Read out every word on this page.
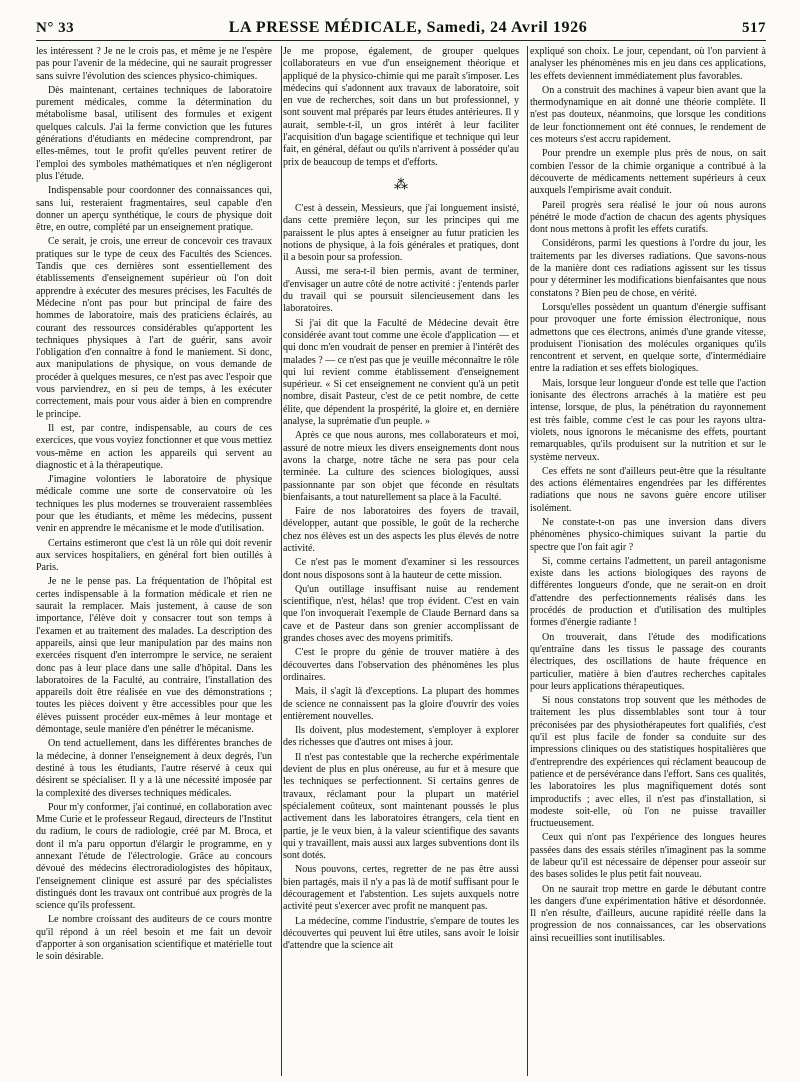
N° 33	LA PRESSE MÉDICALE, Samedi, 24 Avril 1926	517

les intéressent ? Je ne le crois pas, et même je ne l'espère pas pour l'avenir de la médecine, qui ne saurait progresser sans suivre l'évolution des sciences physico-chimiques.

Dès maintenant, certaines techniques de laboratoire purement médicales, comme la détermination du métabolisme basal, utilisent des formules et exigent quelques calculs. J'ai la ferme conviction que les futures générations d'étudiants en médecine comprendront, par elles-mêmes, tout le profit qu'elles peuvent retirer de l'emploi des symboles mathématiques et n'en négligeront plus l'étude.

Indispensable pour coordonner des connaissances qui, sans lui, resteraient fragmentaires, seul capable d'en donner un aperçu synthétique, le cours de physique doit être, en outre, complété par un enseignement pratique.

Ce serait, je crois, une erreur de concevoir ces travaux pratiques sur le type de ceux des Facultés des Sciences. Tandis que ces dernières sont essentiellement des établissements d'enseignement supérieur où l'on doit apprendre à exécuter des mesures précises, les Facultés de Médecine n'ont pas pour but principal de faire des hommes de laboratoire, mais des praticiens éclairés, au courant des ressources considérables qu'apportent les techniques physiques à l'art de guérir, sans avoir l'obligation d'en connaître à fond le maniement. Si donc, aux manipulations de physique, on vous demande de procéder à quelques mesures, ce n'est pas avec l'espoir que vous parviendrez, en si peu de temps, à les exécuter correctement, mais pour vous aider à bien en comprendre le principe.

Il est, par contre, indispensable, au cours de ces exercices, que vous voyiez fonctionner et que vous mettiez vous-même en action les appareils qui servent au diagnostic et à la thérapeutique.

J'imagine volontiers le laboratoire de physique médicale comme une sorte de conservatoire où les techniques les plus modernes se trouveraient rassemblées pour que les étudiants, et même les médecins, pussent venir en apprendre le mécanisme et le mode d'utilisation.

Certains estimeront que c'est là un rôle qui doit revenir aux services hospitaliers, en général fort bien outillés à Paris.

Je ne le pense pas. La fréquentation de l'hôpital est certes indispensable à la formation médicale et rien ne saurait la remplacer. Mais justement, à cause de son importance, l'élève doit y consacrer tout son temps à l'examen et au traitement des malades. La description des appareils, ainsi que leur manipulation par des mains non exercées risquent d'en interrompre le service, ne seraient donc pas à leur place dans une salle d'hôpital. Dans les laboratoires de la Faculté, au contraire, l'installation des appareils doit être réalisée en vue des démonstrations ; toutes les pièces doivent y être accessibles pour que les élèves puissent procéder eux-mêmes à leur montage et démontage, seule manière d'en pénétrer le mécanisme.

On tend actuellement, dans les différentes branches de la médecine, à donner l'enseignement à deux degrés, l'un destiné à tous les étudiants, l'autre réservé à ceux qui désirent se spécialiser. Il y a là une nécessité imposée par la complexité des diverses techniques médicales.

Pour m'y conformer, j'ai continué, en collaboration avec Mme Curie et le professeur Regaud, directeurs de l'Institut du radium, le cours de radiologie, créé par M. Broca, et dont il m'a paru opportun d'élargir le programme, en y annexant l'étude de l'électrologie. Grâce au concours dévoué des médecins électroradiologistes des hôpitaux, l'enseignement clinique est assuré par des spécialistes distingués dont les travaux ont contribué aux progrès de la science qu'ils professent.

Le nombre croissant des auditeurs de ce cours montre qu'il répond à un réel besoin et me fait un devoir d'apporter à son organisation scientifique et matérielle tout le soin désirable.

Je me propose, également, de grouper quelques collaborateurs en vue d'un enseignement théorique et appliqué de la physico-chimie qui me paraît s'imposer. Les médecins qui s'adonnent aux travaux de laboratoire, soit en vue de recherches, soit dans un but professionnel, y sont souvent mal préparés par leurs études antérieures. Il y aurait, semble-t-il, un gros intérêt à leur faciliter l'acquisition d'un bagage scientifique et technique qui leur fait, en général, défaut ou qu'ils n'arrivent à posséder qu'au prix de beaucoup de temps et d'efforts.

⁂

C'est à dessein, Messieurs, que j'ai longuement insisté, dans cette première leçon, sur les principes qui me paraissent le plus aptes à enseigner au futur praticien les notions de physique, à la fois générales et pratiques, dont il a besoin pour sa profession.

Aussi, me sera-t-il bien permis, avant de terminer, d'envisager un autre côté de notre activité : j'entends parler du travail qui se poursuit silencieusement dans les laboratoires.

Si j'ai dit que la Faculté de Médecine devait être considérée avant tout comme une école d'application — et qui donc m'en voudrait de penser en premier à l'intérêt des malades ? — ce n'est pas que je veuille méconnaître le rôle qui lui revient comme établissement d'enseignement supérieur. « Si cet enseignement ne convient qu'à un petit nombre, disait Pasteur, c'est de ce petit nombre, de cette élite, que dépendent la prospérité, la gloire et, en dernière analyse, la suprématie d'un peuple. »

Après ce que nous aurons, mes collaborateurs et moi, assuré de notre mieux les divers enseignements dont nous avons la charge, notre tâche ne sera pas pour cela terminée. La culture des sciences biologiques, aussi passionnante par son objet que féconde en résultats bienfaisants, a tout naturellement sa place à la Faculté.

Faire de nos laboratoires des foyers de travail, développer, autant que possible, le goût de la recherche chez nos élèves est un des aspects les plus élevés de notre activité.

Ce n'est pas le moment d'examiner si les ressources dont nous disposons sont à la hauteur de cette mission.

Qu'un outillage insuffisant nuise au rendement scientifique, n'est, hélas! que trop évident. C'est en vain que l'on invoquerait l'exemple de Claude Bernard dans sa cave et de Pasteur dans son grenier accomplissant de grandes choses avec des moyens primitifs.

C'est le propre du génie de trouver matière à des découvertes dans l'observation des phénomènes les plus ordinaires.

Mais, il s'agit là d'exceptions. La plupart des hommes de science ne connaissent pas la gloire d'ouvrir des voies entièrement nouvelles.

Ils doivent, plus modestement, s'employer à explorer des richesses que d'autres ont mises à jour.

Il n'est pas contestable que la recherche expérimentale devient de plus en plus onéreuse, au fur et à mesure que les techniques se perfectionnent. Si certains genres de travaux, réclamant pour la plupart un matériel spécialement coûteux, sont maintenant poussés le plus activement dans les laboratoires étrangers, cela tient en partie, je le veux bien, à la valeur scientifique des savants qui y travaillent, mais aussi aux larges subventions dont ils sont dotés.

Nous pouvons, certes, regretter de ne pas être aussi bien partagés, mais il n'y a pas là de motif suffisant pour le découragement et l'abstention. Les sujets auxquels notre activité peut s'exercer avec profit ne manquent pas.

La médecine, comme l'industrie, s'empare de toutes les découvertes qui peuvent lui être utiles, sans avoir le loisir d'attendre que la science ait

expliqué son choix. Le jour, cependant, où l'on parvient à analyser les phénomènes mis en jeu dans ces applications, les effets deviennent immédiatement plus favorables.

On a construit des machines à vapeur bien avant que la thermodynamique en ait donné une théorie complète. Il n'est pas douteux, néanmoins, que lorsque les conditions de leur fonctionnement ont été connues, le rendement de ces moteurs s'est accru rapidement.

Pour prendre un exemple plus près de nous, on sait combien l'essor de la chimie organique a contribué à la découverte de médicaments nettement supérieurs à ceux auxquels l'empirisme avait conduit.

Pareil progrès sera réalisé le jour où nous aurons pénétré le mode d'action de chacun des agents physiques dont nous mettons à profit les effets curatifs.

Considérons, parmi les questions à l'ordre du jour, les traitements par les diverses radiations. Que savons-nous de la manière dont ces radiations agissent sur les tissus pour y déterminer les modifications bienfaisantes que nous constatons ? Bien peu de chose, en vérité.

Lorsqu'elles possèdent un quantum d'énergie suffisant pour provoquer une forte émission électronique, nous admettons que ces électrons, animés d'une grande vitesse, produisent l'ionisation des molécules organiques qu'ils rencontrent et servent, en quelque sorte, d'intermédiaire entre la radiation et ses effets biologiques.

Mais, lorsque leur longueur d'onde est telle que l'action ionisante des électrons arrachés à la matière est peu intense, lorsque, de plus, la pénétration du rayonnement est très faible, comme c'est le cas pour les rayons ultra-violets, nous ignorons le mécanisme des effets, pourtant remarquables, qu'ils produisent sur la nutrition et sur le système nerveux.

Ces effets ne sont d'ailleurs peut-être que la résultante des actions élémentaires engendrées par les différentes radiations que nous ne savons guère encore utiliser isolément.

Ne constate-t-on pas une inversion dans divers phénomènes physico-chimiques suivant la partie du spectre que l'on fait agir ?

Si, comme certains l'admettent, un pareil antagonisme existe dans les actions biologiques des rayons de différentes longueurs d'onde, que ne serait-on en droit d'attendre des perfectionnements réalisés dans les procédés de production et d'utilisation des multiples formes d'énergie radiante !

On trouverait, dans l'étude des modifications qu'entraîne dans les tissus le passage des courants électriques, des oscillations de haute fréquence en particulier, matière à bien d'autres recherches capitales pour leurs applications thérapeutiques.

Si nous constatons trop souvent que les méthodes de traitement les plus dissemblables sont tour à tour préconisées par des physiothérapeutes fort qualifiés, c'est qu'il est plus facile de fonder sa conduite sur des impressions cliniques ou des statistiques hospitalières que d'entreprendre des expériences qui réclament beaucoup de patience et de persévérance dans l'effort. Sans ces qualités, les laboratoires les plus magnifiquement dotés sont improductifs ; avec elles, il n'est pas d'installation, si modeste soit-elle, où l'on ne puisse travailler fructueusement.

Ceux qui n'ont pas l'expérience des longues heures passées dans des essais stériles n'imaginent pas la somme de labeur qu'il est nécessaire de dépenser pour asseoir sur des bases solides le plus petit fait nouveau.

On ne saurait trop mettre en garde le débutant contre les dangers d'une expérimentation hâtive et désordonnée. Il n'en résulte, d'ailleurs, aucune rapidité réelle dans la progression de nos connaissances, car les observations ainsi recueillies sont inutilisables.
